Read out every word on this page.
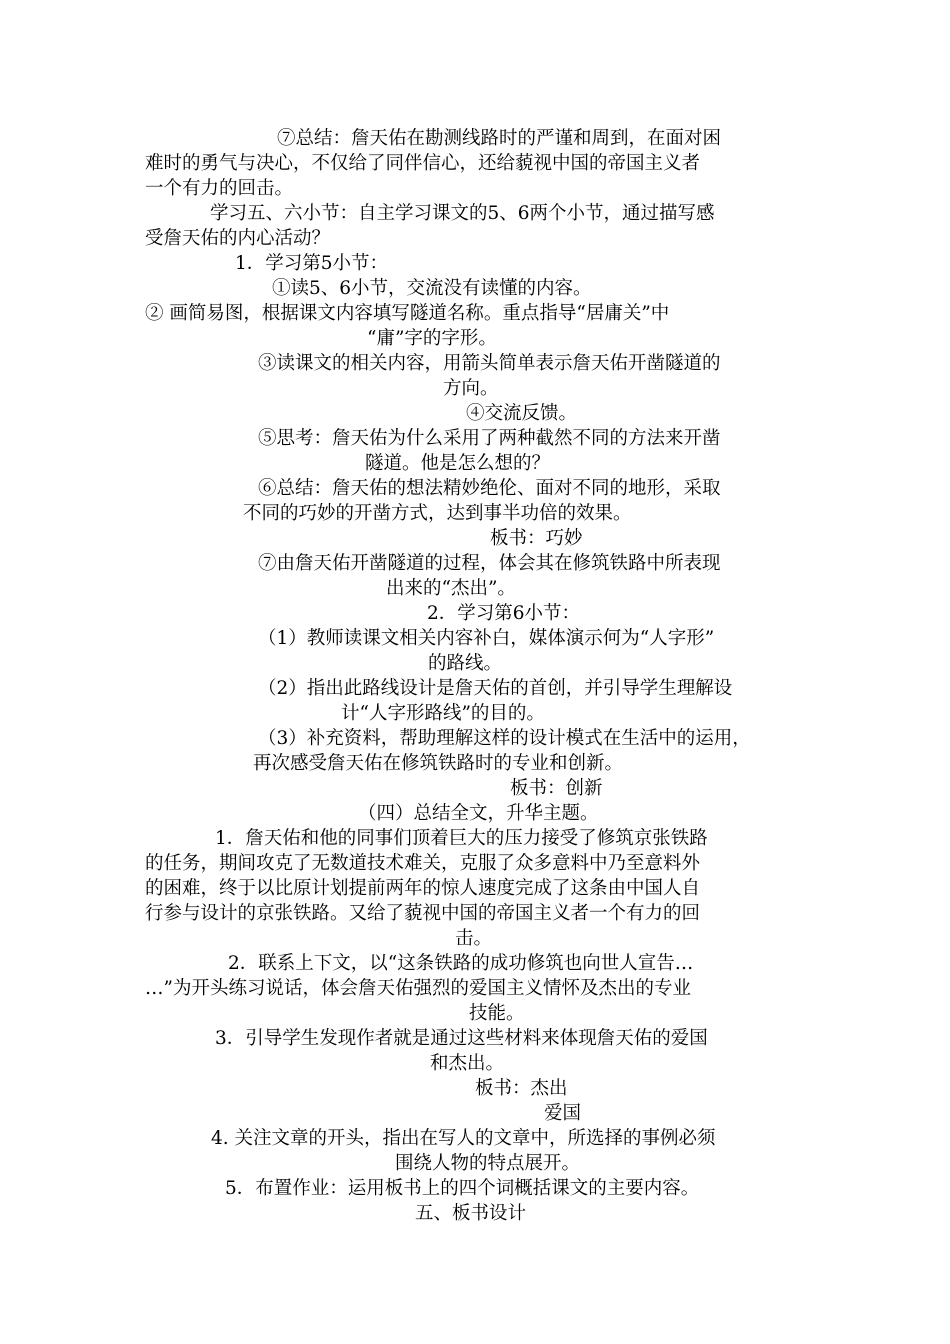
⑦总结：詹天佑在勘测线路时的严谨和周到，在面对困

难时的勇气与决心，不仅给了同伴信心，还给藐视中国的帝国主义者

一个有力的回击。

学习五、六小节：自主学习课文的5、6两个小节，通过描写感

受詹天佑的内心活动？

1．学习第5小节：

①读5、6小节，交流没有读懂的内容。

② 画简易图，根据课文内容填写隧道名称。重点指导“居庸关”中

“庸”字的字形。

③读课文的相关内容，用箭头简单表示詹天佑开凿隧道的

方向。

④交流反馈。

⑤思考：詹天佑为什么采用了两种截然不同的方法来开凿

隧道。他是怎么想的？

⑥总结：詹天佑的想法精妙绝伦、面对不同的地形，采取

不同的巧妙的开凿方式，达到事半功倍的效果。

板书：巧妙

⑦由詹天佑开凿隧道的过程，体会其在修筑铁路中所表现

出来的“杰出”。

2．学习第6小节：

（1）教师读课文相关内容补白，媒体演示何为“人字形”

的路线。

（2）指出此路线设计是詹天佑的首创，并引导学生理解设

计“人字形路线”的目的。

（3）补充资料，帮助理解这样的设计模式在生活中的运用，

再次感受詹天佑在修筑铁路时的专业和创新。

板书：创新

（四）总结全文，升华主题。

1．詹天佑和他的同事们顶着巨大的压力接受了修筑京张铁路

的任务，期间攻克了无数道技术难关，克服了众多意料中乃至意料外

的困难，终于以比原计划提前两年的惊人速度完成了这条由中国人自

行参与设计的京张铁路。又给了藐视中国的帝国主义者一个有力的回

击。

2．联系上下文，以“这条铁路的成功修筑也向世人宣告…

…”为开头练习说话，体会詹天佑强烈的爱国主义情怀及杰出的专业

技能。

3．引导学生发现作者就是通过这些材料来体现詹天佑的爱国

和杰出。

板书：杰出

爱国

4. 关注文章的开头，指出在写人的文章中，所选择的事例必须

围绕人物的特点展开。

5．布置作业：运用板书上的四个词概括课文的主要内容。

五、板书设计
